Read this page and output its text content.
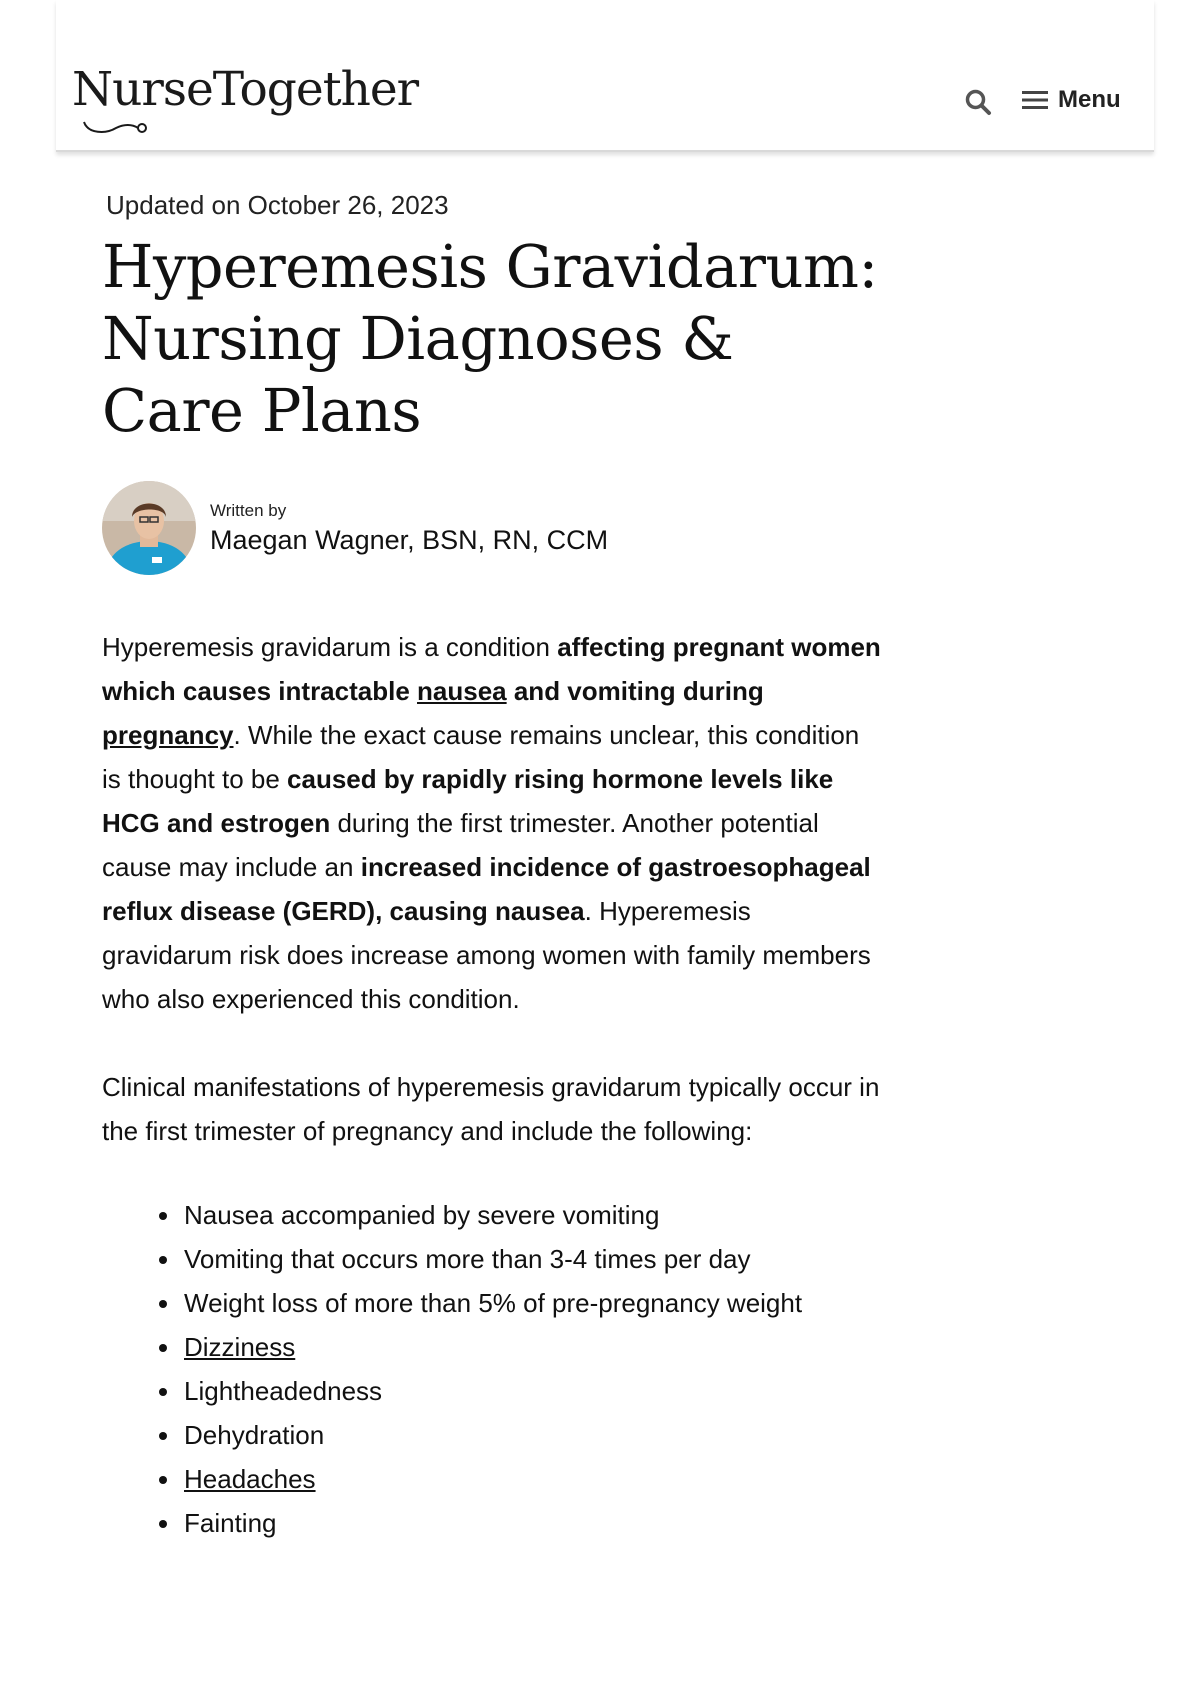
NurseTogether	Menu
Updated on October 26, 2023
Hyperemesis Gravidarum: Nursing Diagnoses & Care Plans
Written by
Maegan Wagner, BSN, RN, CCM

Hyperemesis gravidarum is a condition affecting pregnant women which causes intractable nausea and vomiting during pregnancy. While the exact cause remains unclear, this condition is thought to be caused by rapidly rising hormone levels like HCG and estrogen during the first trimester. Another potential cause may include an increased incidence of gastroesophageal reflux disease (GERD), causing nausea. Hyperemesis gravidarum risk does increase among women with family members who also experienced this condition.

Clinical manifestations of hyperemesis gravidarum typically occur in the first trimester of pregnancy and include the following:

• Nausea accompanied by severe vomiting
• Vomiting that occurs more than 3-4 times per day
• Weight loss of more than 5% of pre-pregnancy weight
• Dizziness
• Lightheadedness
• Dehydration
• Headaches
• Fainting
